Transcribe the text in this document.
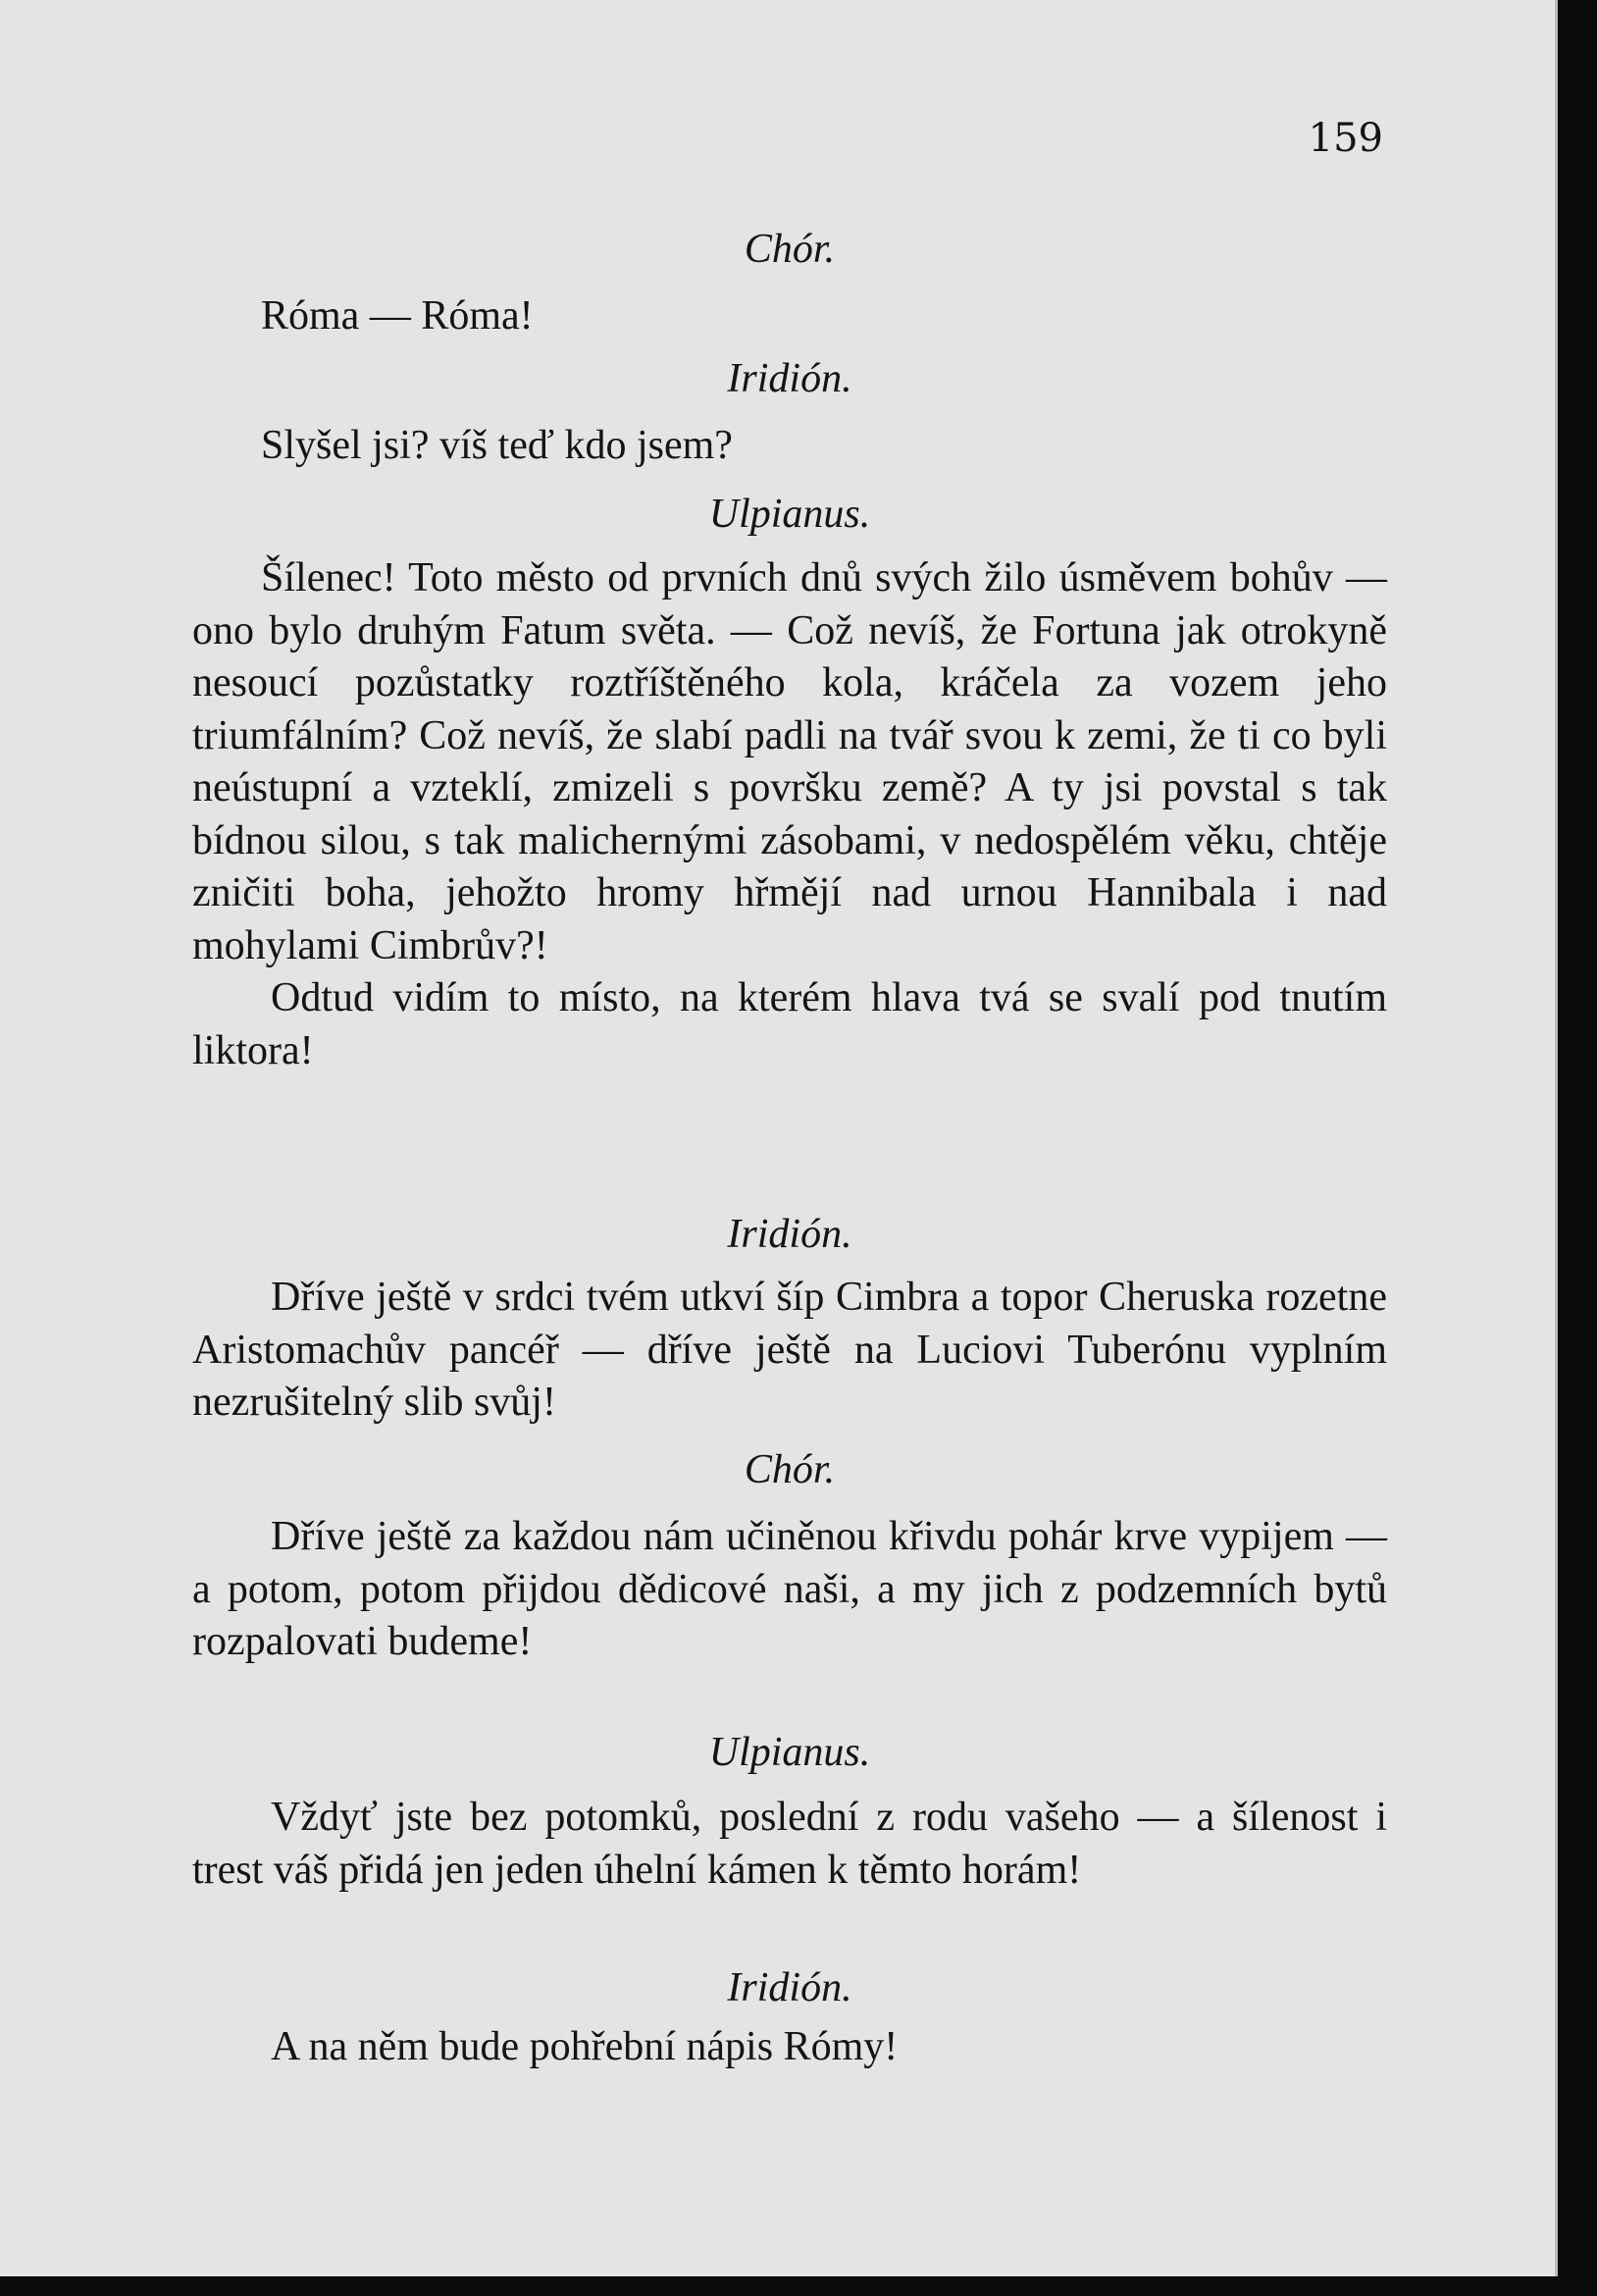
159
Chór.

Róma — Róma!

Iridión.

Slyšel jsi? víš teď kdo jsem?

Ulpianus.

Šílenec! Toto město od prvních dnů svých žilo úsměvem bohův — ono bylo druhým Fatum světa. — Což nevíš, že Fortuna jak otrokyně nesoucí pozůstatky roztříštěného kola, kráčela za vozem jeho triumfálním? Což nevíš, že slabí padli na tvář svou k zemi, že ti co byli neústupní a vzteklí, zmizeli s površku země? A ty jsi povstal s tak bídnou silou, s tak malichernými zásobami, v nedospělém věku, chtěje zničiti boha, jehožto hromy hřmějí nad urnou Hannibala i nad mohylami Cimbrův?!

Odtud vidím to místo, na kterém hlava tvá se svalí pod tnutím liktora!

Iridión.

Dříve ještě v srdci tvém utkví šíp Cimbra a topor Cheruska rozetne Aristomachův pancéř — dříve ještě na Luciovi Tuberónu vyplním nezrušitelný slib svůj!

Chór.

Dříve ještě za každou nám učiněnou křivdu pohár krve vypijem — a potom, potom přijdou dědicové naši, a my jich z podzemních bytů rozpalovati budeme!

Ulpianus.

Vždyť jste bez potomků, poslední z rodu vašeho — a šílenost i trest váš přidá jen jeden úhelní kámen k těmto horám!

Iridión.

A na něm bude pohřební nápis Rómy!
